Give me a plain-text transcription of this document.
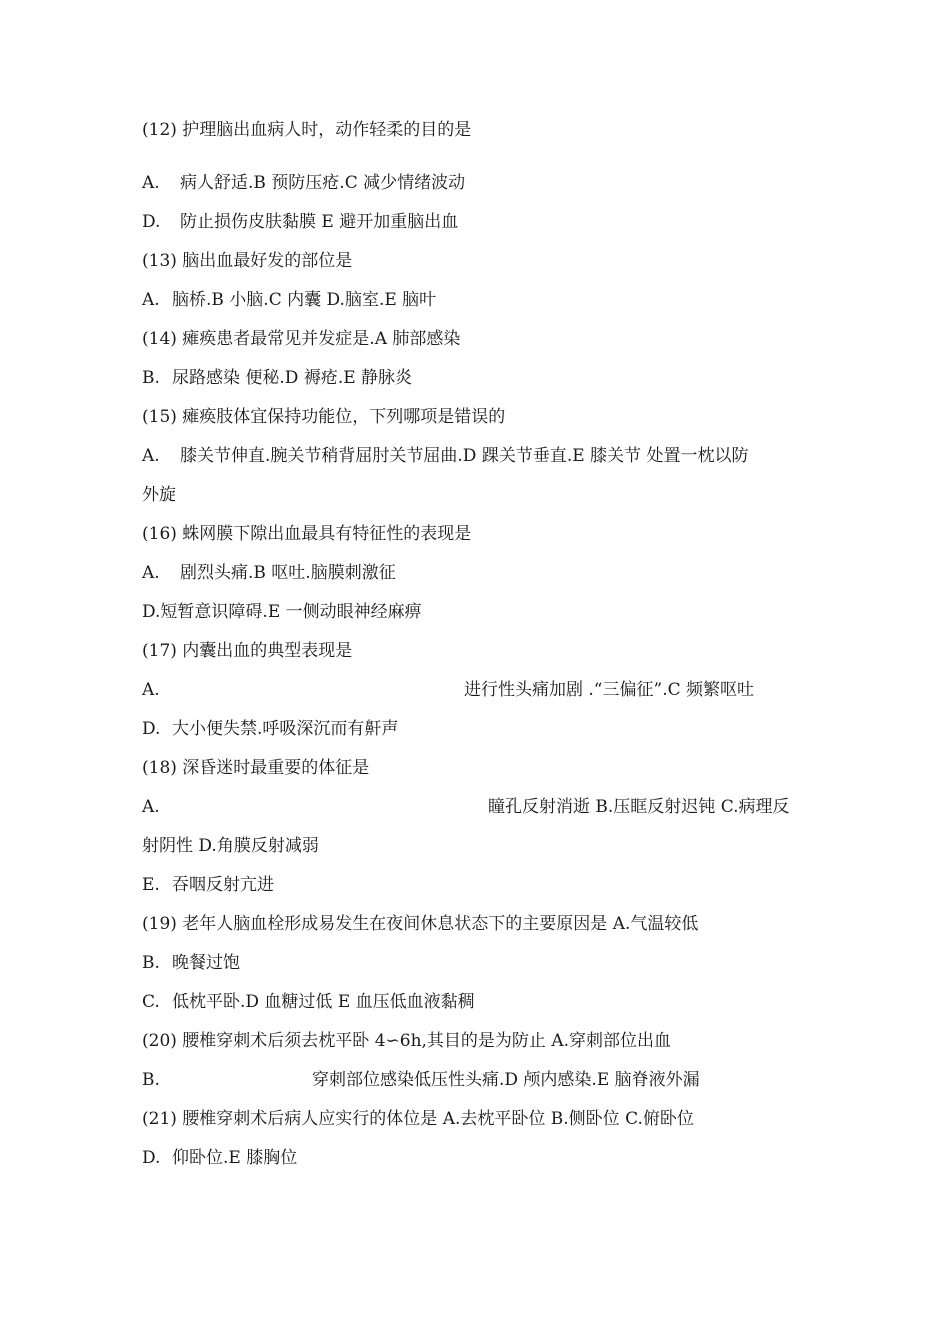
(12) 护理脑出血病人时，动作轻柔的目的是
A. 病人舒适.B 预防压疮.C 减少情绪波动
D. 防止损伤皮肤黏膜 E 避开加重脑出血
(13) 脑出血最好发的部位是
A. 脑桥.B 小脑.C 内囊 D.脑室.E 脑叶
(14) 瘫痪患者最常见并发症是.A 肺部感染
B. 尿路感染 便秘.D 褥疮.E 静脉炎
(15) 瘫痪肢体宜保持功能位，下列哪项是错误的
A. 膝关节伸直.腕关节稍背屈肘关节屈曲.D 踝关节垂直.E 膝关节 处置一枕以防
外旋
(16) 蛛网膜下隙出血最具有特征性的表现是
A. 剧烈头痛.B 呕吐.脑膜刺激征
D.短暂意识障碍.E 一侧动眼神经麻痹
(17) 内囊出血的典型表现是
A.	进行性头痛加剧 .“三偏征”.C 频繁呕吐
D. 大小便失禁.呼吸深沉而有鼾声
(18) 深昏迷时最重要的体征是
A.	瞳孔反射消逝 B.压眶反射迟钝 C.病理反
射阴性 D.角膜反射减弱
E. 吞咽反射亢进
(19) 老年人脑血栓形成易发生在夜间休息状态下的主要原因是 A.气温较低
B. 晚餐过饱
C. 低枕平卧.D 血糖过低 E 血压低血液黏稠
(20) 腰椎穿刺术后须去枕平卧 4∽6h,其目的是为防止 A.穿刺部位出血
B.	穿刺部位感染低压性头痛.D 颅内感染.E 脑脊液外漏
(21) 腰椎穿刺术后病人应实行的体位是 A.去枕平卧位 B.侧卧位 C.俯卧位
D. 仰卧位.E 膝胸位
